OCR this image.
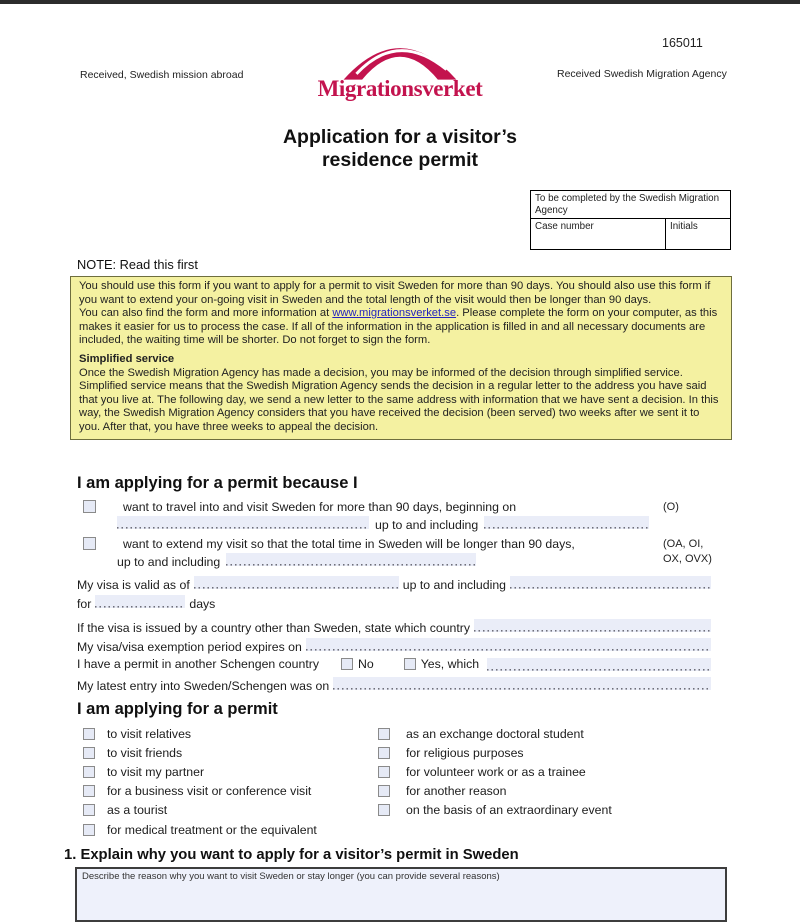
Received, Swedish mission abroad
165011
Received Swedish Migration Agency
Migrationsverket
Application for a visitor’s
residence permit
To be completed by the Swedish Migration Agency
Case number	Initials
NOTE: Read this first

You should use this form if you want to apply for a permit to visit Sweden for more than 90 days. You should also use this form if you want to extend your on-going visit in Sweden and the total length of the visit would then be longer than 90 days.

You can also find the form and more information at www.migrationsverket.se. Please complete the form on your computer, as this makes it easier for us to process the case. If all of the information in the application is filled in and all necessary documents are included, the waiting time will be shorter. Do not forget to sign the form.

Simplified service

Once the Swedish Migration Agency has made a decision, you may be informed of the decision through simplified service. Simplified service means that the Swedish Migration Agency sends the decision in a regular letter to the address you have said that you live at. The following day, we send a new letter to the same address with information that we have sent a decision. In this way, the Swedish Migration Agency considers that you have received the decision (been served) two weeks after we sent it to you. After that, you have three weeks to appeal the decision.

I am applying for a permit because I
want to travel into and visit Sweden for more than 90 days, beginning on	(O)
up to and including
want to extend my visit so that the total time in Sweden will be longer than 90 days,	(OA, OI,
OX, OVX)
up to and including
My visa is valid as of	up to and including
for	days
If the visa is issued by a country other than Sweden, state which country
My visa/visa exemption period expires on
I have a permit in another Schengen country	No	Yes, which
My latest entry into Sweden/Schengen was on
I am applying for a permit
to visit relatives
to visit friends
to visit my partner
for a business visit or conference visit
as a tourist
for medical treatment or the equivalent
as an exchange doctoral student
for religious purposes
for volunteer work or as a trainee
for another reason
on the basis of an extraordinary event
1. Explain why you want to apply for a visitor’s permit in Sweden
Describe the reason why you want to visit Sweden or stay longer (you can provide several reasons)
